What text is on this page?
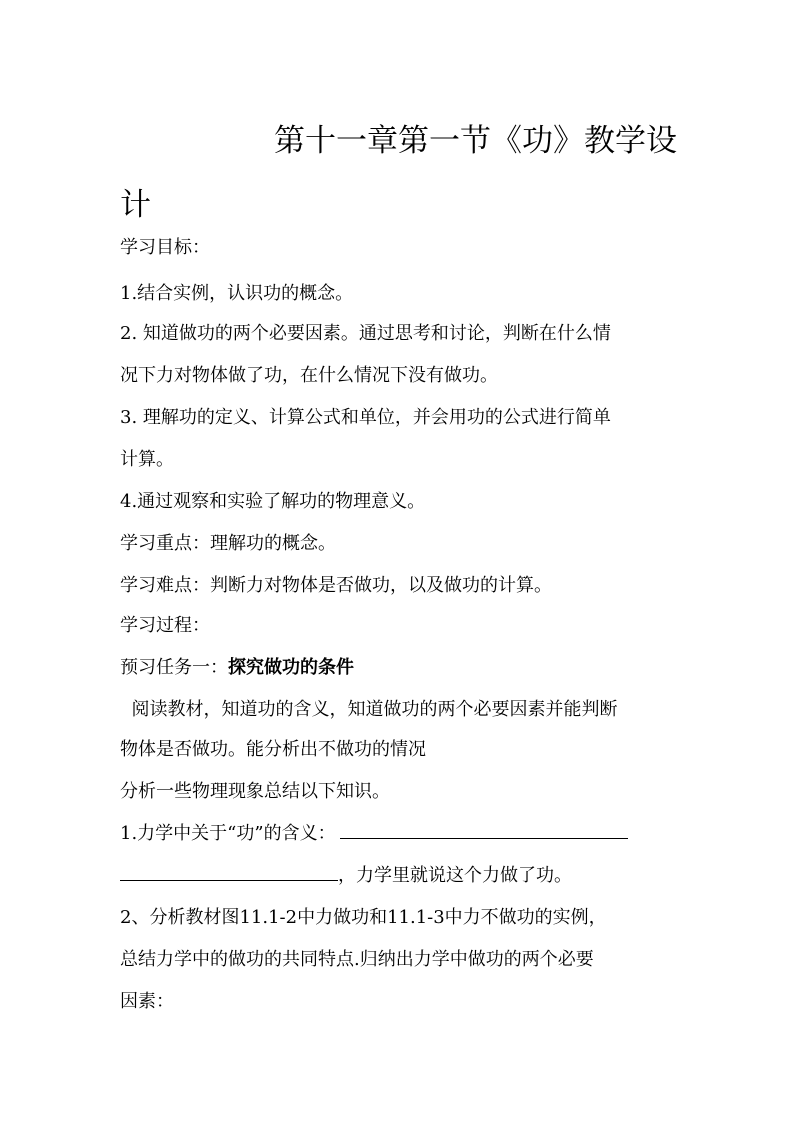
第十一章第一节《功》教学设
计
学习目标：
1.结合实例，认识功的概念。
2. 知道做功的两个必要因素。通过思考和讨论，判断在什么情
况下力对物体做了功，在什么情况下没有做功。
3. 理解功的定义、计算公式和单位，并会用功的公式进行简单
计算。
4.通过观察和实验了解功的物理意义。
学习重点：理解功的概念。
学习难点：判断力对物体是否做功，以及做功的计算。
学习过程：
预习任务一：探究做功的条件
阅读教材，知道功的含义，知道做功的两个必要因素并能判断
物体是否做功。能分析出不做功的情况
分析一些物理现象总结以下知识。
1.力学中关于“功”的含义：
，力学里就说这个力做了功。
2、分析教材图11.1-2中力做功和11.1-3中力不做功的实例，
总结力学中的做功的共同特点.归纳出力学中做功的两个必要
因素：
